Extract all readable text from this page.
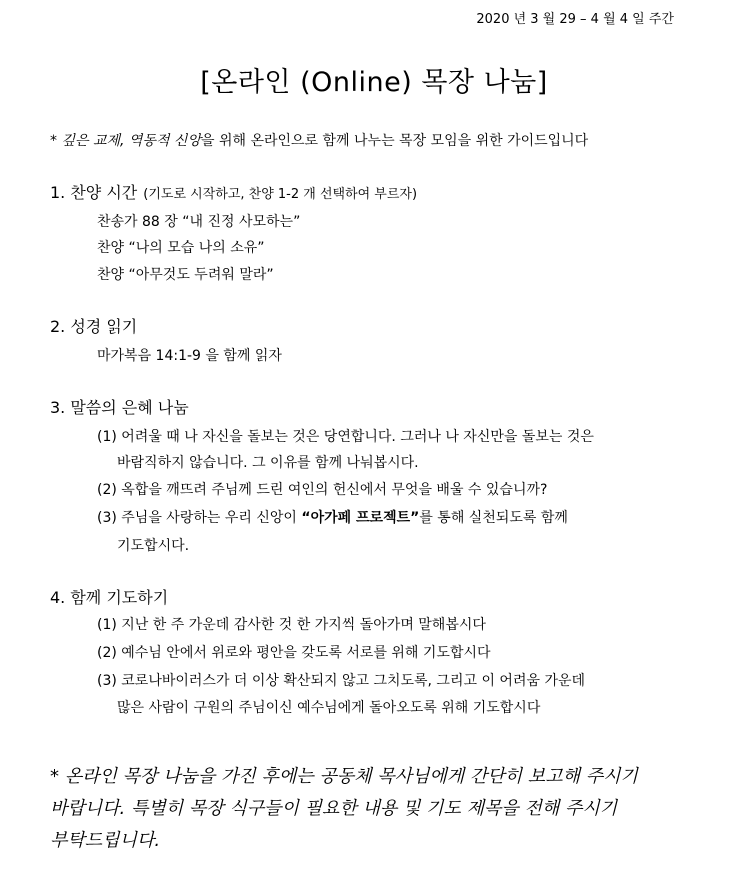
2020 년 3 월 29 – 4 월 4 일 주간
[온라인 (Online) 목장 나눔]
* 깊은 교제, 역동적 신앙을 위해 온라인으로 함께 나누는 목장 모임을 위한 가이드입니다
1. 찬양 시간 (기도로 시작하고, 찬양 1-2 개 선택하여 부르자)
찬송가 88 장 “내 진정 사모하는”
찬양 “나의 모습 나의 소유”
찬양 “아무것도 두려워 말라”
2. 성경 읽기
마가복음 14:1-9 을 함께 읽자
3. 말씀의 은혜 나눔
(1) 어려울 때 나 자신을 돌보는 것은 당연합니다. 그러나 나 자신만을 돌보는 것은
바람직하지 않습니다. 그 이유를 함께 나눠봅시다.
(2) 옥합을 깨뜨려 주님께 드린 여인의 헌신에서 무엇을 배울 수 있습니까?
(3) 주님을 사랑하는 우리 신앙이 “아가페 프로젝트”를 통해 실천되도록 함께
기도합시다.
4. 함께 기도하기
(1) 지난 한 주 가운데 감사한 것 한 가지씩 돌아가며 말해봅시다
(2) 예수님 안에서 위로와 평안을 갖도록 서로를 위해 기도합시다
(3) 코로나바이러스가 더 이상 확산되지 않고 그치도록, 그리고 이 어려움 가운데
많은 사람이 구원의 주님이신 예수님에게 돌아오도록 위해 기도합시다
* 온라인 목장 나눔을 가진 후에는 공동체 목사님에게 간단히 보고해 주시기
바랍니다. 특별히 목장 식구들이 필요한 내용 및 기도 제목을 전해 주시기
부탁드립니다.
